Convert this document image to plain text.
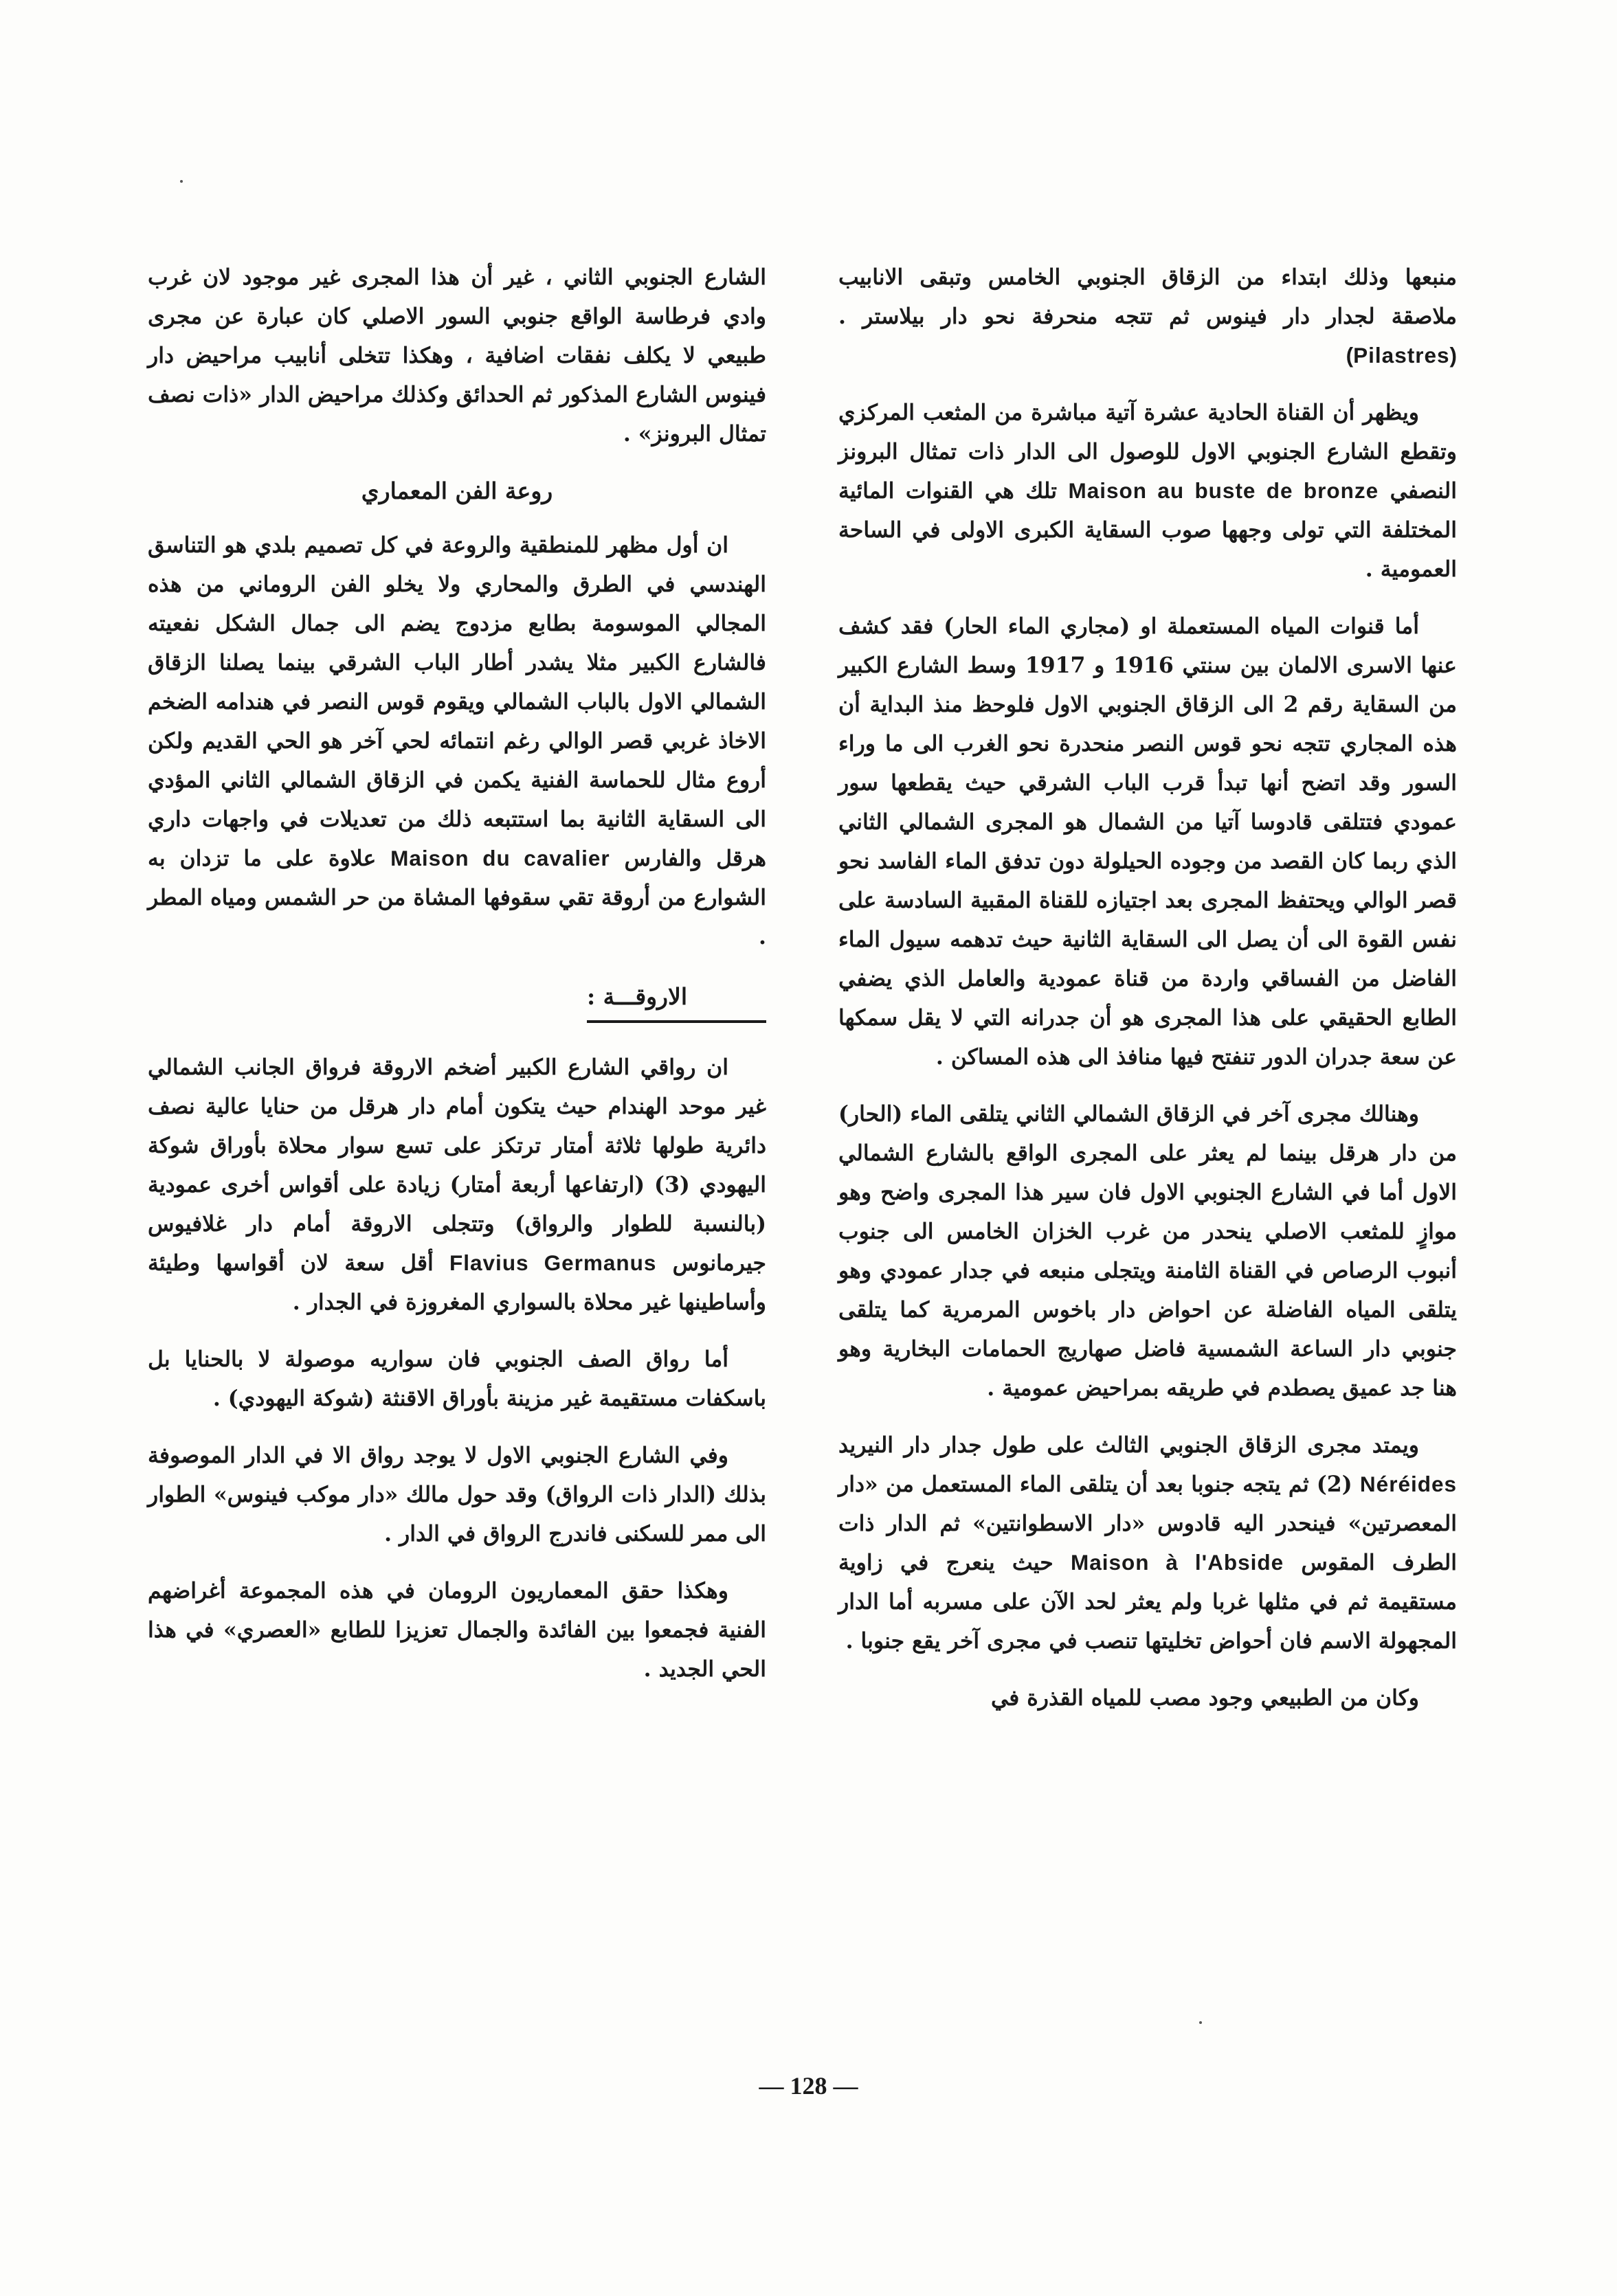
منبعها وذلك ابتداء من الزقاق الجنوبي الخامس وتبقى الانابيب ملاصقة لجدار دار فينوس ثم تتجه منحرفة نحو دار بيلاستر . (Pilastres)

ويظهر أن القناة الحادية عشرة آتية مباشرة من المثعب المركزي وتقطع الشارع الجنوبي الاول للوصول الى الدار ذات تمثال البرونز النصفي Maison au buste de bronze تلك هي القنوات المائية المختلفة التي تولى وجهها صوب السقاية الكبرى الاولى في الساحة العمومية .

أما قنوات المياه المستعملة او (مجاري الماء الحار) فقد كشف عنها الاسرى الالمان بين سنتي 1916 و 1917 وسط الشارع الكبير من السقاية رقم 2 الى الزقاق الجنوبي الاول فلوحظ منذ البداية أن هذه المجاري تتجه نحو قوس النصر منحدرة نحو الغرب الى ما وراء السور وقد اتضح أنها تبدأ قرب الباب الشرقي حيث يقطعها سور عمودي فتتلقى قادوسا آتيا من الشمال هو المجرى الشمالي الثاني الذي ربما كان القصد من وجوده الحيلولة دون تدفق الماء الفاسد نحو قصر الوالي ويحتفظ المجرى بعد اجتيازه للقناة المقبية السادسة على نفس القوة الى أن يصل الى السقاية الثانية حيث تدهمه سيول الماء الفاضل من الفساقي واردة من قناة عمودية والعامل الذي يضفي الطابع الحقيقي على هذا المجرى هو أن جدرانه التي لا يقل سمكها عن سعة جدران الدور تنفتح فيها منافذ الى هذه المساكن .

وهنالك مجرى آخر في الزقاق الشمالي الثاني يتلقى الماء (الحار) من دار هرقل بينما لم يعثر على المجرى الواقع بالشارع الشمالي الاول أما في الشارع الجنوبي الاول فان سير هذا المجرى واضح وهو موازٍ للمثعب الاصلي ينحدر من غرب الخزان الخامس الى جنوب أنبوب الرصاص في القناة الثامنة ويتجلى منبعه في جدار عمودي وهو يتلقى المياه الفاضلة عن احواض دار باخوس المرمرية كما يتلقى جنوبي دار الساعة الشمسية فاضل صهاريج الحمامات البخارية وهو هنا جد عميق يصطدم في طريقه بمراحيض عمومية .

ويمتد مجرى الزقاق الجنوبي الثالث على طول جدار دار النيريد Néréides (2) ثم يتجه جنوبا بعد أن يتلقى الماء المستعمل من «دار المعصرتين» فينحدر اليه قادوس «دار الاسطوانتين» ثم الدار ذات الطرف المقوس Maison à l'Abside حيث ينعرج في زاوية مستقيمة ثم في مثلها غربا ولم يعثر لحد الآن على مسربه أما الدار المجهولة الاسم فان أحواض تخليتها تنصب في مجرى آخر يقع جنوبا .

وكان من الطبيعي وجود مصب للمياه القذرة في

الشارع الجنوبي الثاني ، غير أن هذا المجرى غير موجود لان غرب وادي فرطاسة الواقع جنوبي السور الاصلي كان عبارة عن مجرى طبيعي لا يكلف نفقات اضافية ، وهكذا تتخلى أنابيب مراحيض دار فينوس الشارع المذكور ثم الحدائق وكذلك مراحيض الدار «ذات نصف تمثال البرونز» .

روعة الفن المعماري

ان أول مظهر للمنطقية والروعة في كل تصميم بلدي هو التناسق الهندسي في الطرق والمحاري ولا يخلو الفن الروماني من هذه المجالي الموسومة بطابع مزدوج يضم الى جمال الشكل نفعيته فالشارع الكبير مثلا يشدر أطار الباب الشرقي بينما يصلنا الزقاق الشمالي الاول بالباب الشمالي ويقوم قوس النصر في هندامه الضخم الاخاذ غربي قصر الوالي رغم انتمائه لحي آخر هو الحي القديم ولكن أروع مثال للحماسة الفنية يكمن في الزقاق الشمالي الثاني المؤدي الى السقاية الثانية بما استتبعه ذلك من تعديلات في واجهات داري هرقل والفارس Maison du cavalier علاوة على ما تزدان به الشوارع من أروقة تقي سقوفها المشاة من حر الشمس ومياه المطر .

الاروقـــة :

ان رواقي الشارع الكبير أضخم الاروقة فرواق الجانب الشمالي غير موحد الهندام حيث يتكون أمام دار هرقل من حنايا عالية نصف دائرية طولها ثلاثة أمتار ترتكز على تسع سوار محلاة بأوراق شوكة اليهودي (3) (ارتفاعها أربعة أمتار) زيادة على أقواس أخرى عمودية (بالنسبة للطوار والرواق) وتتجلى الاروقة أمام دار غلافيوس جيرمانوس Flavius Germanus أقل سعة لان أقواسها وطيئة وأساطينها غير محلاة بالسواري المغروزة في الجدار .

أما رواق الصف الجنوبي فان سواريه موصولة لا بالحنايا بل باسكفات مستقيمة غير مزينة بأوراق الاقنثة (شوكة اليهودي) .

وفي الشارع الجنوبي الاول لا يوجد رواق الا في الدار الموصوفة بذلك (الدار ذات الرواق) وقد حول مالك «دار موكب فينوس» الطوار الى ممر للسكنى فاندرج الرواق في الدار .

وهكذا حقق المعماريون الرومان في هذه المجموعة أغراضهم الفنية فجمعوا بين الفائدة والجمال تعزيزا للطابع «العصري» في هذا الحي الجديد .

— 128 —
